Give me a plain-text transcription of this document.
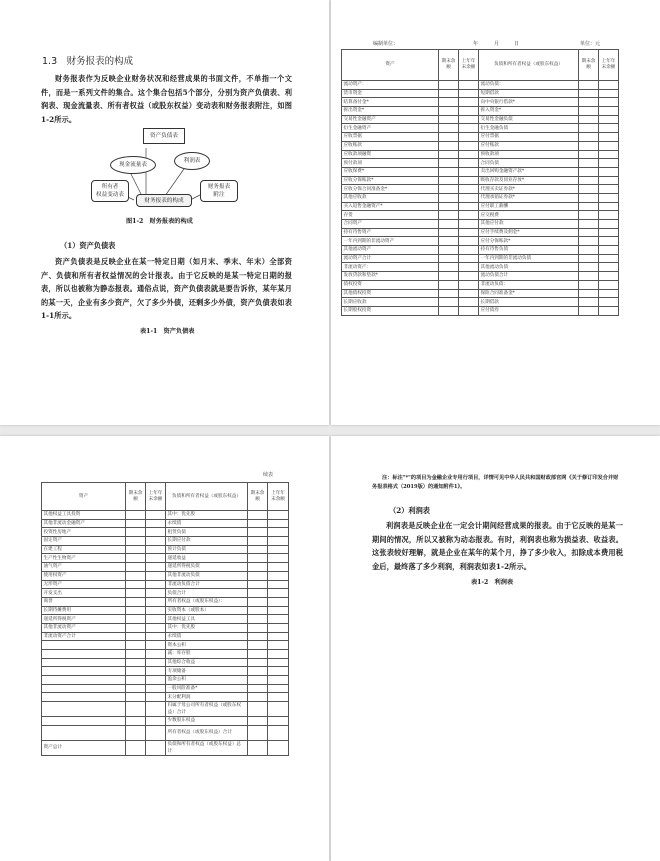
1.3　财务报表的构成
财务报表作为反映企业财务状况和经营成果的书面文件，不单指一个文件，而是一系列文件的集合。这个集合包括5个部分，分别为资产负债表、利润表、现金流量表、所有者权益（或股东权益）变动表和财务报表附注，如图1-2所示。
资产负债表
现金流量表
利润表
所有者
权益变动表
财务报表
附注
财务报表的构成
图1-2　财务报表的构成
（1）资产负债表
资产负债表是反映企业在某一特定日期（如月末、季末、年末）全部资产、负债和所有者权益情况的会计报表。由于它反映的是某一特定日期的报表，所以也被称为静态报表。通俗点说，资产负债表就是要告诉你，某年某月的某一天，企业有多少资产，欠了多少外债，还剩多少外债，资产负债表如表1-1所示。
表1-1　资产负债表
编制单位：	年	月	日	单位：元
资产	期末余额	上年年末余额	负债和所有者权益（或股东权益）	期末余额	上年年末余额
流动资产：			流动负债：		
货币资金			短期借款		
结算备付金*			向中央银行借款*		
拆出资金*			拆入资金*		
交易性金融资产			交易性金融负债		
衍生金融资产			衍生金融负债		
应收票据			应付票据		
应收账款			应付账款		
应收款项融资			预收款项		
预付款项			合同负债		
应收保费*			卖出回购金融资产款*		
应收分保账款*			吸收存款及同业存放*		
应收分保合同准备金*			代理买卖证券款*		
其他应收款			代理承销证券款*		
买入返售金融资产*			应付职工薪酬		
存货			应交税费		
合同资产			其他应付款		
持有待售资产			应付手续费及佣金*		
一年内到期的非流动资产			应付分保账款*		
其他流动资产			持有待售负债		
流动资产合计			一年内到期的非流动负债		
非流动资产：			其他流动负债		
发放贷款和垫款*			流动负债合计		
债权投资			非流动负债：		
其他债权投资			保险合同准备金*		
长期应收款			长期借款		
长期股权投资			应付债券		
续表
资产	期末余额	上年年末余额	负债和所有者权益（或股东权益）	期末余额	上年年末余额
其他权益工具投资			其中：优先股		
其他非流动金融资产			永续债		
投资性房地产			租赁负债		
固定资产			长期应付款		
在建工程			预计负债		
生产性生物资产			递延收益		
油气资产			递延所得税负债		
使用权资产			其他非流动负债		
无形资产			非流动负债合计		
开发支出			负债合计		
商誉			所有者权益（或股东权益）：		
长期待摊费用			实收资本（或股本）		
递延所得税资产			其他权益工具		
其他非流动资产			其中：优先股		
非流动资产合计			永续债		
			资本公积		
			减：库存股		
			其他综合收益		
			专项储备		
			盈余公积		
			一般风险准备*		
			未分配利润		
			归属于母公司所有者权益（或股东权益）合计		
			少数股东权益		
			所有者权益（或股东权益）合计		
资产总计			负债和所有者权益（或股东权益）总计		
注：标注"*"的项目为金融企业专用行项目，详情可见中华人民共和国财政部官网《关于修订印发合并财务报表格式（2019版）的通知附件1》。
（2）利润表
利润表是反映企业在一定会计期间经营成果的报表。由于它反映的是某一期间的情况，所以又被称为动态报表。有时，利润表也称为损益表、收益表。这张表较好理解，就是企业在某年的某个月，挣了多少收入，扣除成本费用税金后，最终落了多少利润，利润表如表1-2所示。
表1-2　利润表
